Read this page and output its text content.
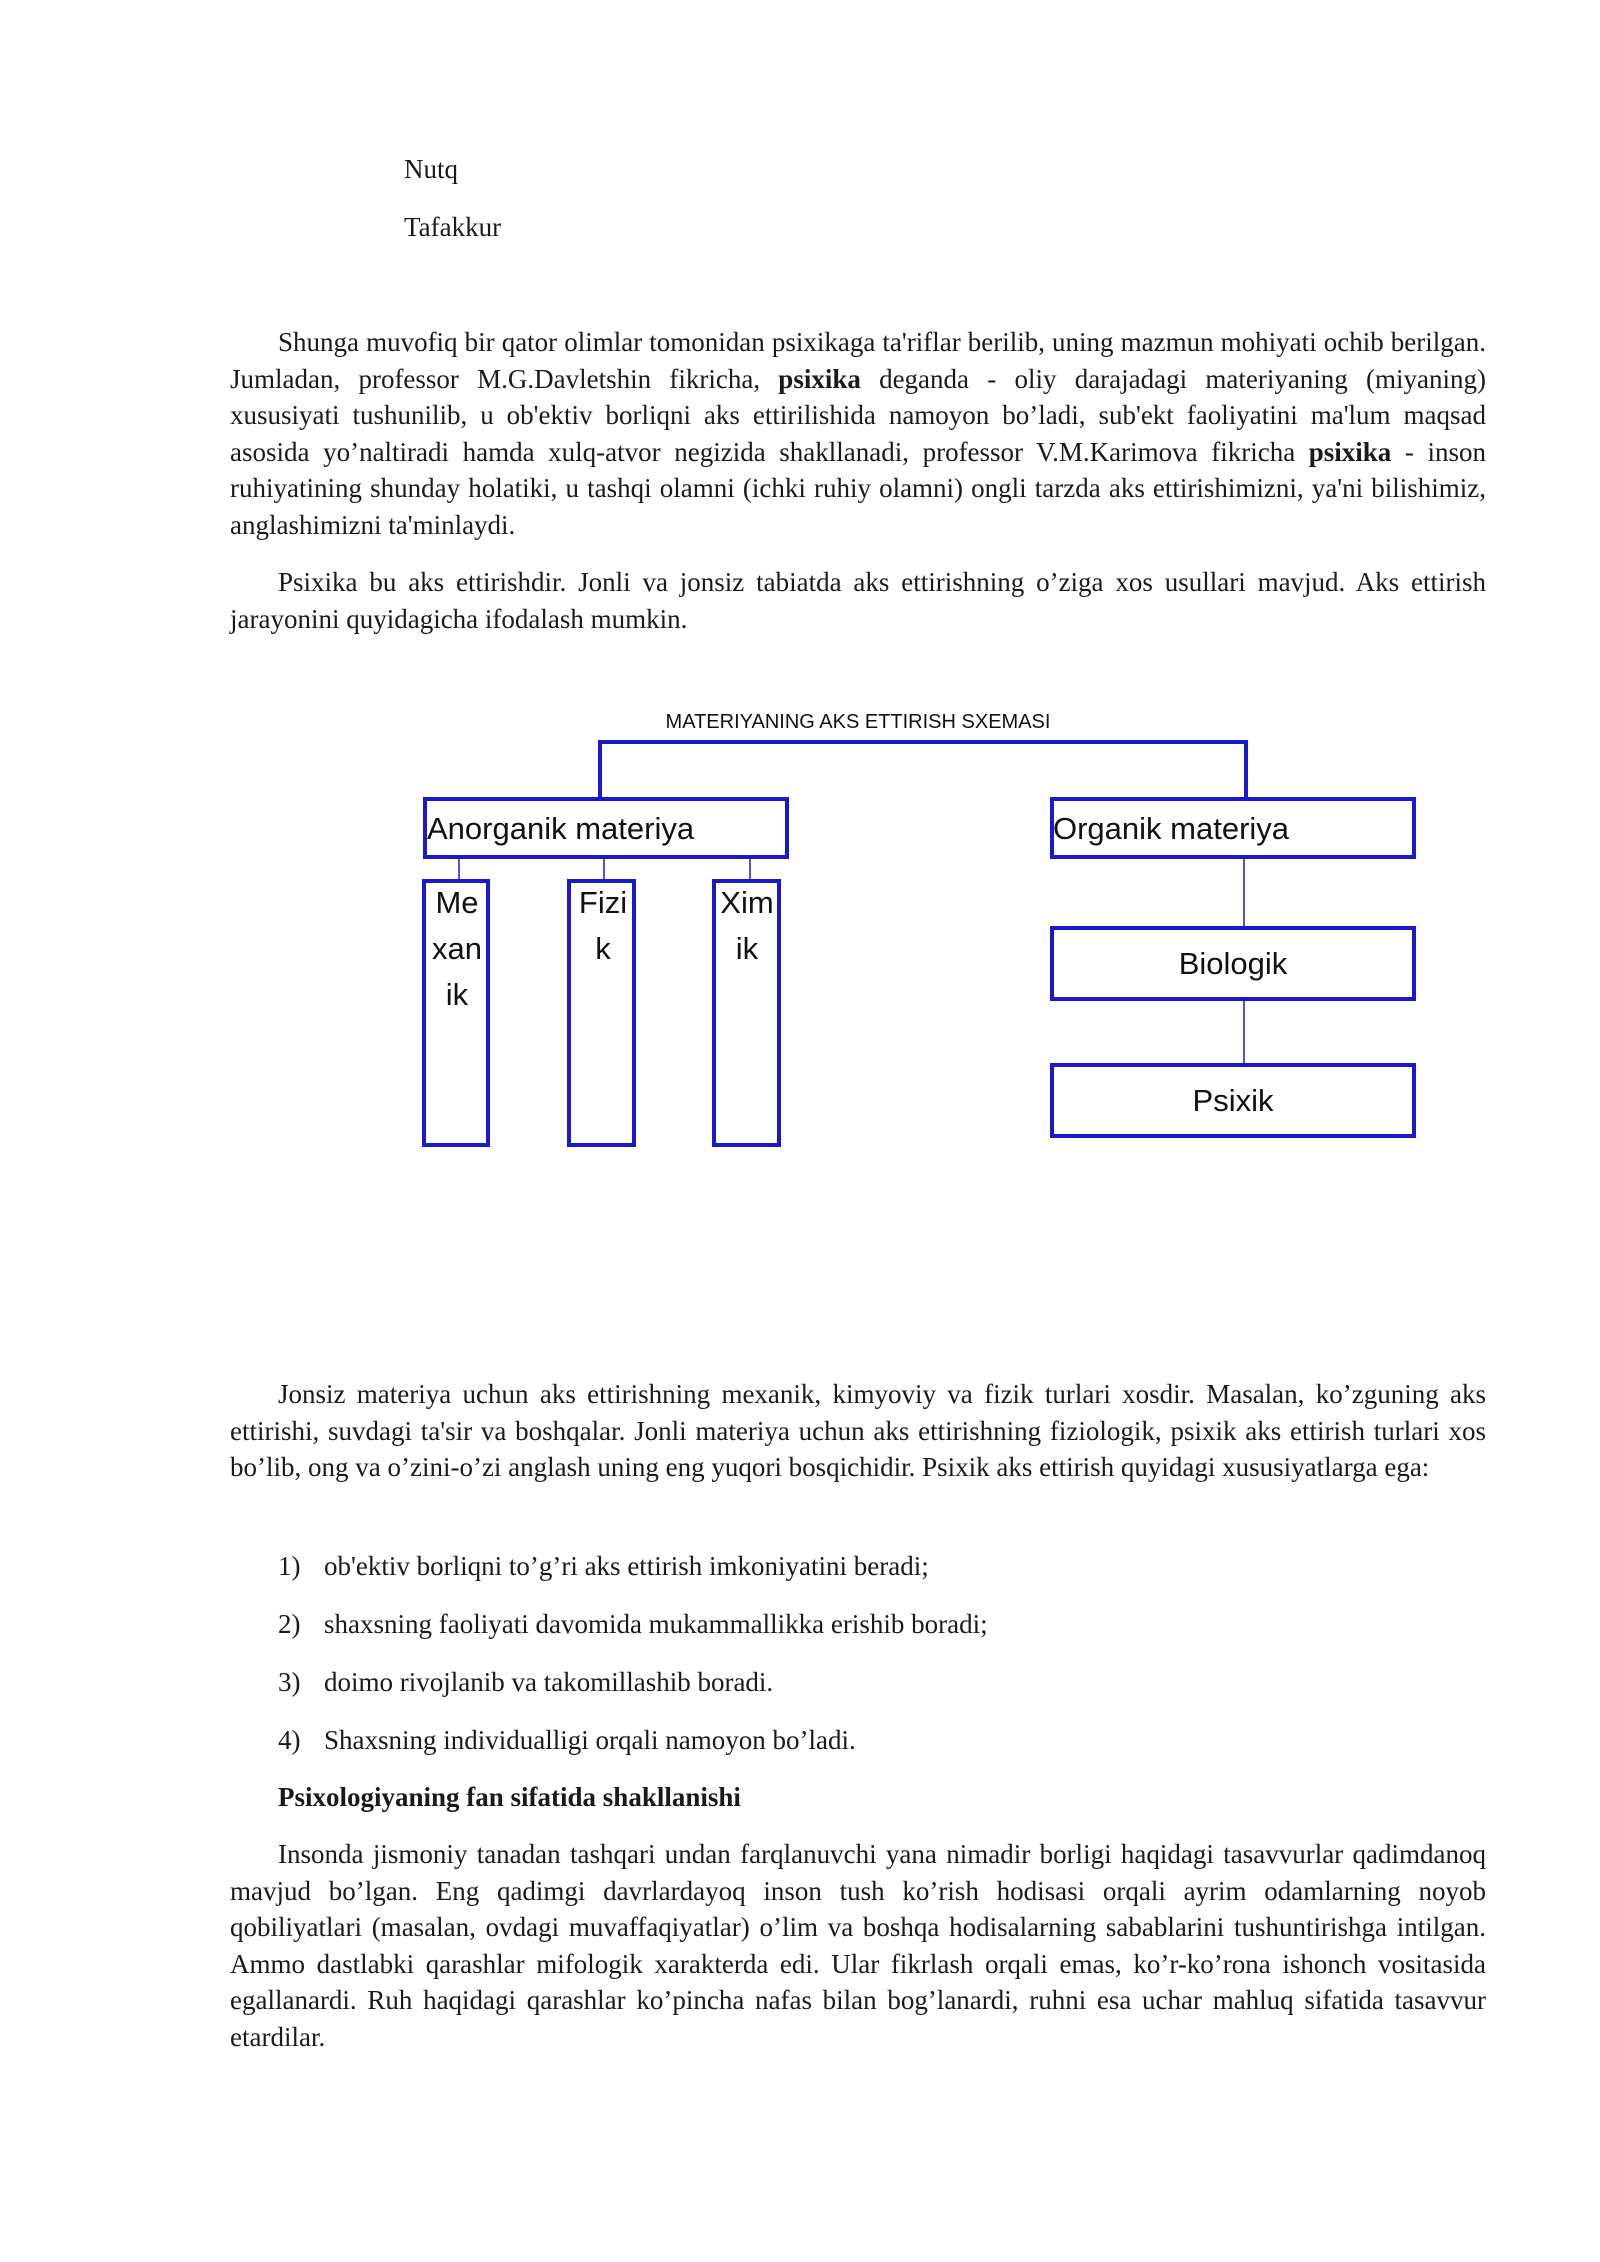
Nutq
Tafakkur

Shunga muvofiq bir qator olimlar tomonidan psixikaga ta'riflar berilib, uning mazmun mohiyati ochib berilgan. Jumladan, professor M.G.Davletshin fikricha, psixika deganda - oliy darajadagi materiyaning (miyaning) xususiyati tushunilib, u ob'ektiv borliqni aks ettirilishida namoyon bo’ladi, sub'ekt faoliyatini ma'lum maqsad asosida yo’naltiradi hamda xulq-atvor negizida shakllanadi, professor V.M.Karimova fikricha psixika - inson ruhiyatining shunday holatiki, u tashqi olamni (ichki ruhiy olamni) ongli tarzda aks ettirishimizni, ya'ni bilishimiz, anglashimizni ta'minlaydi.

Psixika bu aks ettirishdir. Jonli va jonsiz tabiatda aks ettirishning o’ziga xos usullari mavjud. Aks ettirish jarayonini quyidagicha ifodalash mumkin.

MATERIYANING AKS ETTIRISH SXEMASI
Anorganik materiya	Organik materiya
Me
xan
ik
Fizi
k
Xim
ik	Biologik
Psixik

Jonsiz materiya uchun aks ettirishning mexanik, kimyoviy va fizik turlari xosdir. Masalan, ko’zguning aks ettirishi, suvdagi ta'sir va boshqalar. Jonli materiya uchun aks ettirishning fiziologik, psixik aks ettirish turlari xos bo’lib, ong va o’zini-o’zi anglash uning eng yuqori bosqichidir. Psixik aks ettirish quyidagi xususiyatlarga ega:

1) ob'ektiv borliqni to’g’ri aks ettirish imkoniyatini beradi;
2) shaxsning faoliyati davomida mukammallikka erishib boradi;
3) doimo rivojlanib va takomillashib boradi.
4) Shaxsning individualligi orqali namoyon bo’ladi.
Psixologiyaning fan sifatida shakllanishi

Insonda jismoniy tanadan tashqari undan farqlanuvchi yana nimadir borligi haqidagi tasavvurlar qadimdanoq mavjud bo’lgan. Eng qadimgi davrlardayoq inson tush ko’rish hodisasi orqali ayrim odamlarning noyob qobiliyatlari (masalan, ovdagi muvaffaqiyatlar) o’lim va boshqa hodisalarning sabablarini tushuntirishga intilgan. Ammo dastlabki qarashlar mifologik xarakterda edi. Ular fikrlash orqali emas, ko’r-ko’rona ishonch vositasida egallanardi. Ruh haqidagi qarashlar ko’pincha nafas bilan bog’lanardi, ruhni esa uchar mahluq sifatida tasavvur etardilar.
